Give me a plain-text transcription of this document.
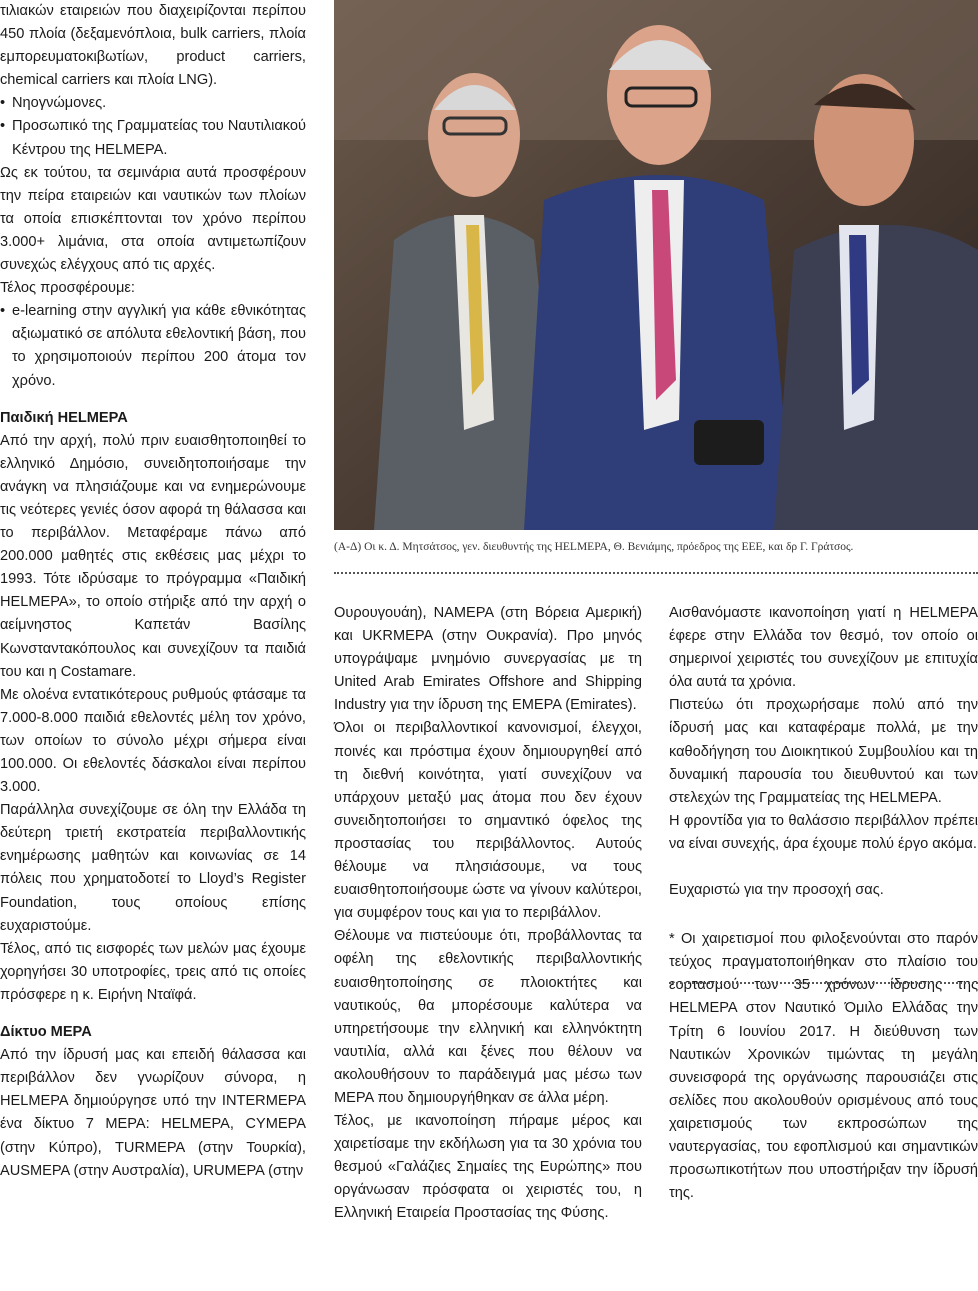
τιλιακών εταιρειών που διαχειρίζονται περίπου 450 πλοία (δεξαμενόπλοια, bulk carriers, πλοία εμπορευματοκιβωτίων, product carriers, chemical carriers και πλοία LNG).

• Νηογνώμονες.

• Προσωπικό της Γραμματείας του Ναυτιλιακού Κέντρου της HELMEPA.

Ως εκ τούτου, τα σεμινάρια αυτά προσφέρουν την πείρα εταιρειών και ναυτικών των πλοίων τα οποία επισκέπτονται τον χρόνο περίπου 3.000+ λιμάνια, στα οποία αντιμετωπίζουν συνεχώς ελέγχους από τις αρχές.

Τέλος προσφέρουμε:

• e-learning στην αγγλική για κάθε εθνικότητας αξιωματικό σε απόλυτα εθελοντική βάση, που το χρησιμοποιούν περίπου 200 άτομα τον χρόνο.

Παιδική HELMEPA

Από την αρχή, πολύ πριν ευαισθητοποιηθεί το ελληνικό Δημόσιο, συνειδητοποιήσαμε την ανάγκη να πλησιάζουμε και να ενημερώνουμε τις νεότερες γενιές όσον αφορά τη θάλασσα και το περιβάλλον. Μεταφέραμε πάνω από 200.000 μαθητές στις εκθέσεις μας μέχρι το 1993. Τότε ιδρύσαμε το πρόγραμμα «Παιδική HELMEPA», το οποίο στήριξε από την αρχή ο αείμνηστος Καπετάν Βασίλης Κωνσταντακόπουλος και συνεχίζουν τα παιδιά του και η Costamare.

Με ολοένα εντατικότερους ρυθμούς φτάσαμε τα 7.000-8.000 παιδιά εθελοντές μέλη τον χρόνο, των οποίων το σύνολο μέχρι σήμερα είναι 100.000. Οι εθελοντές δάσκαλοι είναι περίπου 3.000.

Παράλληλα συνεχίζουμε σε όλη την Ελλάδα τη δεύτερη τριετή εκστρατεία περιβαλλοντικής ενημέρωσης μαθητών και κοινωνίας σε 14 πόλεις που χρηματοδοτεί το Lloyd’s Register Foundation, τους οποίους επίσης ευχαριστούμε.

Τέλος, από τις εισφορές των μελών μας έχουμε χορηγήσει 30 υποτροφίες, τρεις από τις οποίες πρόσφερε η κ. Ειρήνη Νταϊφά.

Δίκτυο ΜΕΡΑ

Από την ίδρυσή μας και επειδή θάλασσα και περιβάλλον δεν γνωρίζουν σύνορα, η HELMEPA δημιούργησε υπό την INTERMEPA ένα δίκτυο 7 MEPA: HELMEPA, CYMEPA (στην Κύπρο), TURMEPA (στην Τουρκία), AUSMEPA (στην Αυστραλία), URUMEPA (στην

(Α-Δ) Οι κ. Δ. Μητσάτσος, γεν. διευθυντής της HELMEPA, Θ. Βενιάμης, πρόεδρος της ΕΕΕ, και δρ Γ. Γράτσος.

Ουρουγουάη), NAMEPA (στη Βόρεια Αμερική) και UKRMEPA (στην Ουκρανία). Προ μηνός υπογράψαμε μνημόνιο συνεργασίας με τη United Arab Emirates Offshore and Shipping Industry για την ίδρυση της EMEPA (Emirates).

Όλοι οι περιβαλλοντικοί κανονισμοί, έλεγχοι, ποινές και πρόστιμα έχουν δημιουργηθεί από τη διεθνή κοινότητα, γιατί συνεχίζουν να υπάρχουν μεταξύ μας άτομα που δεν έχουν συνειδητοποιήσει το σημαντικό όφελος της προστασίας του περιβάλλοντος. Αυτούς θέλουμε να πλησιάσουμε, να τους ευαισθητοποιήσουμε ώστε να γίνουν καλύτεροι, για συμφέρον τους και για το περιβάλλον.

Θέλουμε να πιστεύουμε ότι, προβάλλοντας τα οφέλη της εθελοντικής περιβαλλοντικής ευαισθητοποίησης σε πλοιοκτήτες και ναυτικούς, θα μπορέσουμε καλύτερα να υπηρετήσουμε την ελληνική και ελληνόκτητη ναυτιλία, αλλά και ξένες που θέλουν να ακολουθήσουν το παράδειγμά μας μέσω των MEPA που δημιουργήθηκαν σε άλλα μέρη.

Τέλος, με ικανοποίηση πήραμε μέρος και χαιρετίσαμε την εκδήλωση για τα 30 χρόνια του θεσμού «Γαλάζιες Σημαίες της Ευρώπης» που οργάνωσαν πρόσφατα οι χειριστές του, η Ελληνική Εταιρεία Προστασίας της Φύσης.

Αισθανόμαστε ικανοποίηση γιατί η HELMEPA έφερε στην Ελλάδα τον θεσμό, τον οποίο οι σημερινοί χειριστές του συνεχίζουν με επιτυχία όλα αυτά τα χρόνια.

Πιστεύω ότι προχωρήσαμε πολύ από την ίδρυσή μας και καταφέραμε πολλά, με την καθοδήγηση του Διοικητικού Συμβουλίου και τη δυναμική παρουσία του διευθυντού και των στελεχών της Γραμματείας της HELMEPA.

Η φροντίδα για το θαλάσσιο περιβάλλον πρέπει να είναι συνεχής, άρα έχουμε πολύ έργο ακόμα.

Ευχαριστώ για την προσοχή σας.

* Οι χαιρετισμοί που φιλοξενούνται στο παρόν τεύχος πραγματοποιήθηκαν στο πλαίσιο του εορτασμού των 35 χρόνων ίδρυσης της HELMEPA στον Ναυτικό Όμιλο Ελλάδας την Τρίτη 6 Ιουνίου 2017. Η διεύθυνση των Ναυτικών Χρονικών τιμώντας τη μεγάλη συνεισφορά της οργάνωσης παρουσιάζει στις σελίδες που ακολουθούν ορισμένους από τους χαιρετισμούς των εκπροσώπων της ναυτεργασίας, του εφοπλισμού και σημαντικών προσωπικοτήτων που υποστήριξαν την ίδρυσή της.
